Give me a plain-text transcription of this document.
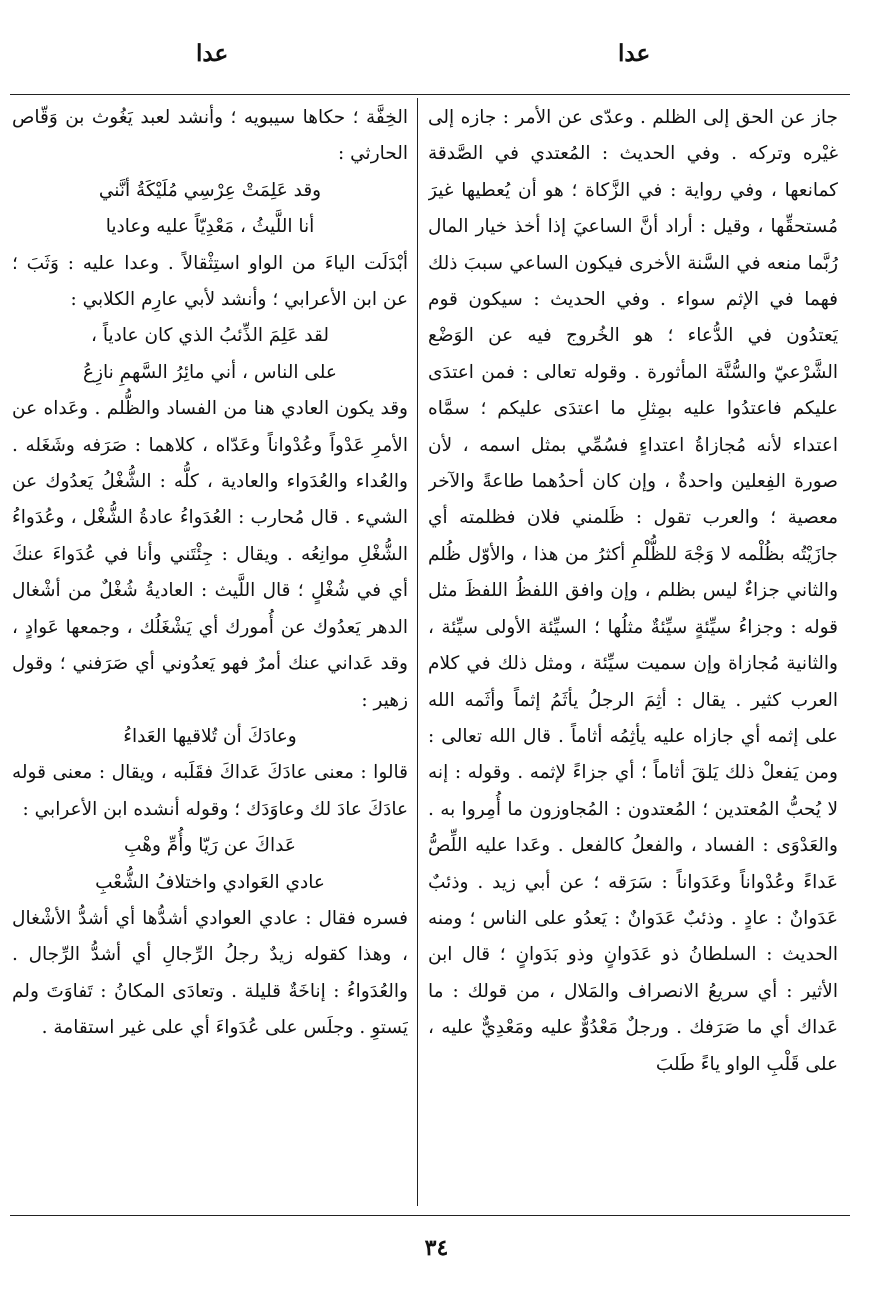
عدا
عدا

جاز عن الحق إلى الظلم . وعدّى عن الأمر : جازه إلى غيْره وتركه . وفي الحديث : المُعتدي في الصَّدقة كمانعها ، وفي رواية : في الزَّكاة ؛ هو أن يُعطيها غيرَ مُستحقِّها ، وقيل : أراد أنَّ الساعيَ إذا أخذ خيار المال رُبَّما منعه في السَّنة الأخرى فيكون الساعي سببَ ذلك فهما في الإثم سواء . وفي الحديث : سيكون قوم يَعتدُون في الدُّعاء ؛ هو الخُروج فيه عن الوَضْع الشَّرْعيّ والسُّنَّة المأثورة . وقوله تعالى : فمن اعتدَى عليكم فاعتدُوا عليه بمِثلِ ما اعتدَى عليكم ؛ سمَّاه اعتداء لأنه مُجازاةُ اعتداءٍ فسُمِّي بمثل اسمه ، لأن صورة الفِعلين واحدةٌ ، وإن كان أحدُهما طاعةً والآخر معصية ؛ والعرب تقول : ظَلمني فلان فظلمته أي جازَيْتُه بظُلْمه لا وَجْهَ للظُّلْمِ أكثرُ من هذا ، والأوّل ظُلم والثاني جزاءٌ ليس بظلم ، وإن وافق اللفظُ اللفظَ مثل قوله : وجزاءُ سيِّئةٍ سيِّئةٌ مثلُها ؛ السيِّئة الأولى سيِّئة ، والثانية مُجازاة وإن سميت سيِّئة ، ومثل ذلك في كلام العرب كثير . يقال : أثِمَ الرجلُ يأثَمُ إثماً وأثَمه الله على إثمه أي جازاه عليه يأثِمُه أثاماً . قال الله تعالى : ومن يَفعلْ ذلك يَلقَ أثاماً ؛ أي جزاءً لإثمه . وقوله : إنه لا يُحبُّ المُعتدين ؛ المُعتدون : المُجاوزون ما أُمِروا به . والعَدْوَى : الفساد ، والفعلُ كالفعل . وعَدا عليه اللِّصُّ عَداءً وعُدْواناً وعَدَواناً : سَرَقه ؛ عن أبي زيد . وذئبٌ عَدَوانٌ : عادٍ . وذئبٌ عَدَوانٌ : يَعدُو على الناس ؛ ومنه الحديث : السلطانُ ذو عَدَوانٍ وذو بَدَوانٍ ؛ قال ابن الأثير : أي سريعُ الانصراف والمَلال ، من قولك : ما عَداك أي ما صَرَفك . ورجلٌ مَعْدُوٌّ عليه ومَعْدِيٌّ عليه ، على قَلْبِ الواو ياءً طَلبَ

الخِفَّة ؛ حكاها سيبويه ؛ وأنشد لعبد يَغُوث بن وَقّاص الحارثي :

وقد عَلِمَتْ عِرْسِي مُلَيْكَةُ أنَّني

أنا اللَّيثُ ، مَعْدِيّاً عليه وعاديا

أبْدَلَت الياءَ من الواو استِثْقالاً . وعدا عليه : وَثَبَ ؛ عن ابن الأعرابي ؛ وأنشد لأبي عارِم الكلابي :

لقد عَلِمَ الذِّئبُ الذي كان عادياً ،

على الناس ، أني مائِرُ السَّهمِ نازِعُ

وقد يكون العادي هنا من الفساد والظُّلم . وعَداه عن الأمرِ عَدْواً وعُدْواناً وعَدّاه ، كلاهما : صَرَفه وشَغَله . والعُداء والعُدَواء والعادية ، كلُّه : الشُّغْلُ يَعدُوك عن الشيء . قال مُحارب : العُدَواءُ عادةُ الشُّغْل ، وعُدَواءُ الشُّغْلِ موانِعُه . ويقال : جِئْتَني وأنا في عُدَواءَ عنكَ أي في شُغْلٍ ؛ قال اللَّيث : العاديةُ شُغْلٌ من أشْغال الدهر يَعدُوك عن أُمورك أي يَشْغَلُك ، وجمعها عَوادٍ ، وقد عَداني عنك أمرٌ فهو يَعدُوني أي صَرَفني ؛ وقول زهير :

وعادَكَ أن تُلاقيها العَداءُ

قالوا : معنى عادَكَ عَداكَ فقَلَبه ، ويقال : معنى قوله عادَكَ عادَ لك وعاوَدَك ؛ وقوله أنشده ابن الأعرابي :

عَداكَ عن رَيّا وأُمِّ وهْبِ

عادي العَوادي واختلافُ الشُّعْبِ

فسره فقال : عادي العوادي أشدُّها أي أشدُّ الأشْغال ، وهذا كقوله زيدٌ رجلُ الرِّجالِ أي أشدُّ الرِّجال . والعُدَواءُ : إناخَةٌ قليلة . وتعادَى المكانُ : تَفاوَتَ ولم يَستوِ . وجلَس على عُدَواءَ أي على غير استقامة .

٣٤
